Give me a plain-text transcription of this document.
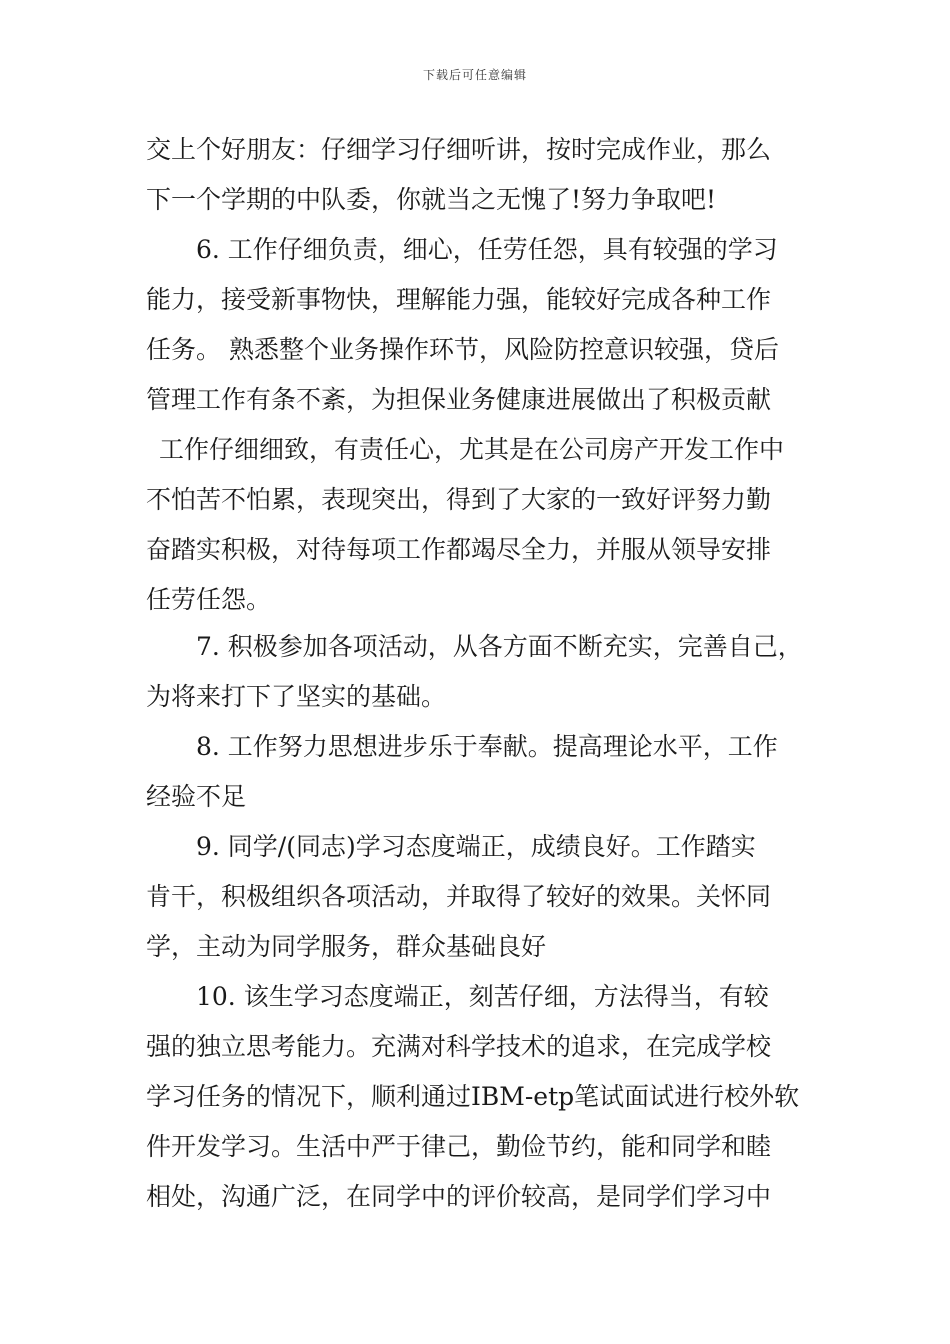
下载后可任意编辑
交上个好朋友：仔细学习仔细听讲，按时完成作业，那么
下一个学期的中队委，你就当之无愧了!努力争取吧!
6. 工作仔细负责，细心，任劳任怨，具有较强的学习
能力，接受新事物快，理解能力强，能较好完成各种工作
任务。 熟悉整个业务操作环节，风险防控意识较强，贷后
管理工作有条不紊，为担保业务健康进展做出了积极贡献
工作仔细细致，有责任心，尤其是在公司房产开发工作中
不怕苦不怕累，表现突出，得到了大家的一致好评努力勤
奋踏实积极，对待每项工作都竭尽全力，并服从领导安排
任劳任怨。
7. 积极参加各项活动，从各方面不断充实，完善自己，
为将来打下了坚实的基础。
8. 工作努力思想进步乐于奉献。提高理论水平，工作
经验不足
9. 同学/(同志)学习态度端正，成绩良好。工作踏实
肯干，积极组织各项活动，并取得了较好的效果。关怀同
学，主动为同学服务，群众基础良好
10. 该生学习态度端正，刻苦仔细，方法得当，有较
强的独立思考能力。充满对科学技术的追求，在完成学校
学习任务的情况下，顺利通过IBM-etp笔试面试进行校外软
件开发学习。生活中严于律己，勤俭节约，能和同学和睦
相处，沟通广泛，在同学中的评价较高，是同学们学习中
